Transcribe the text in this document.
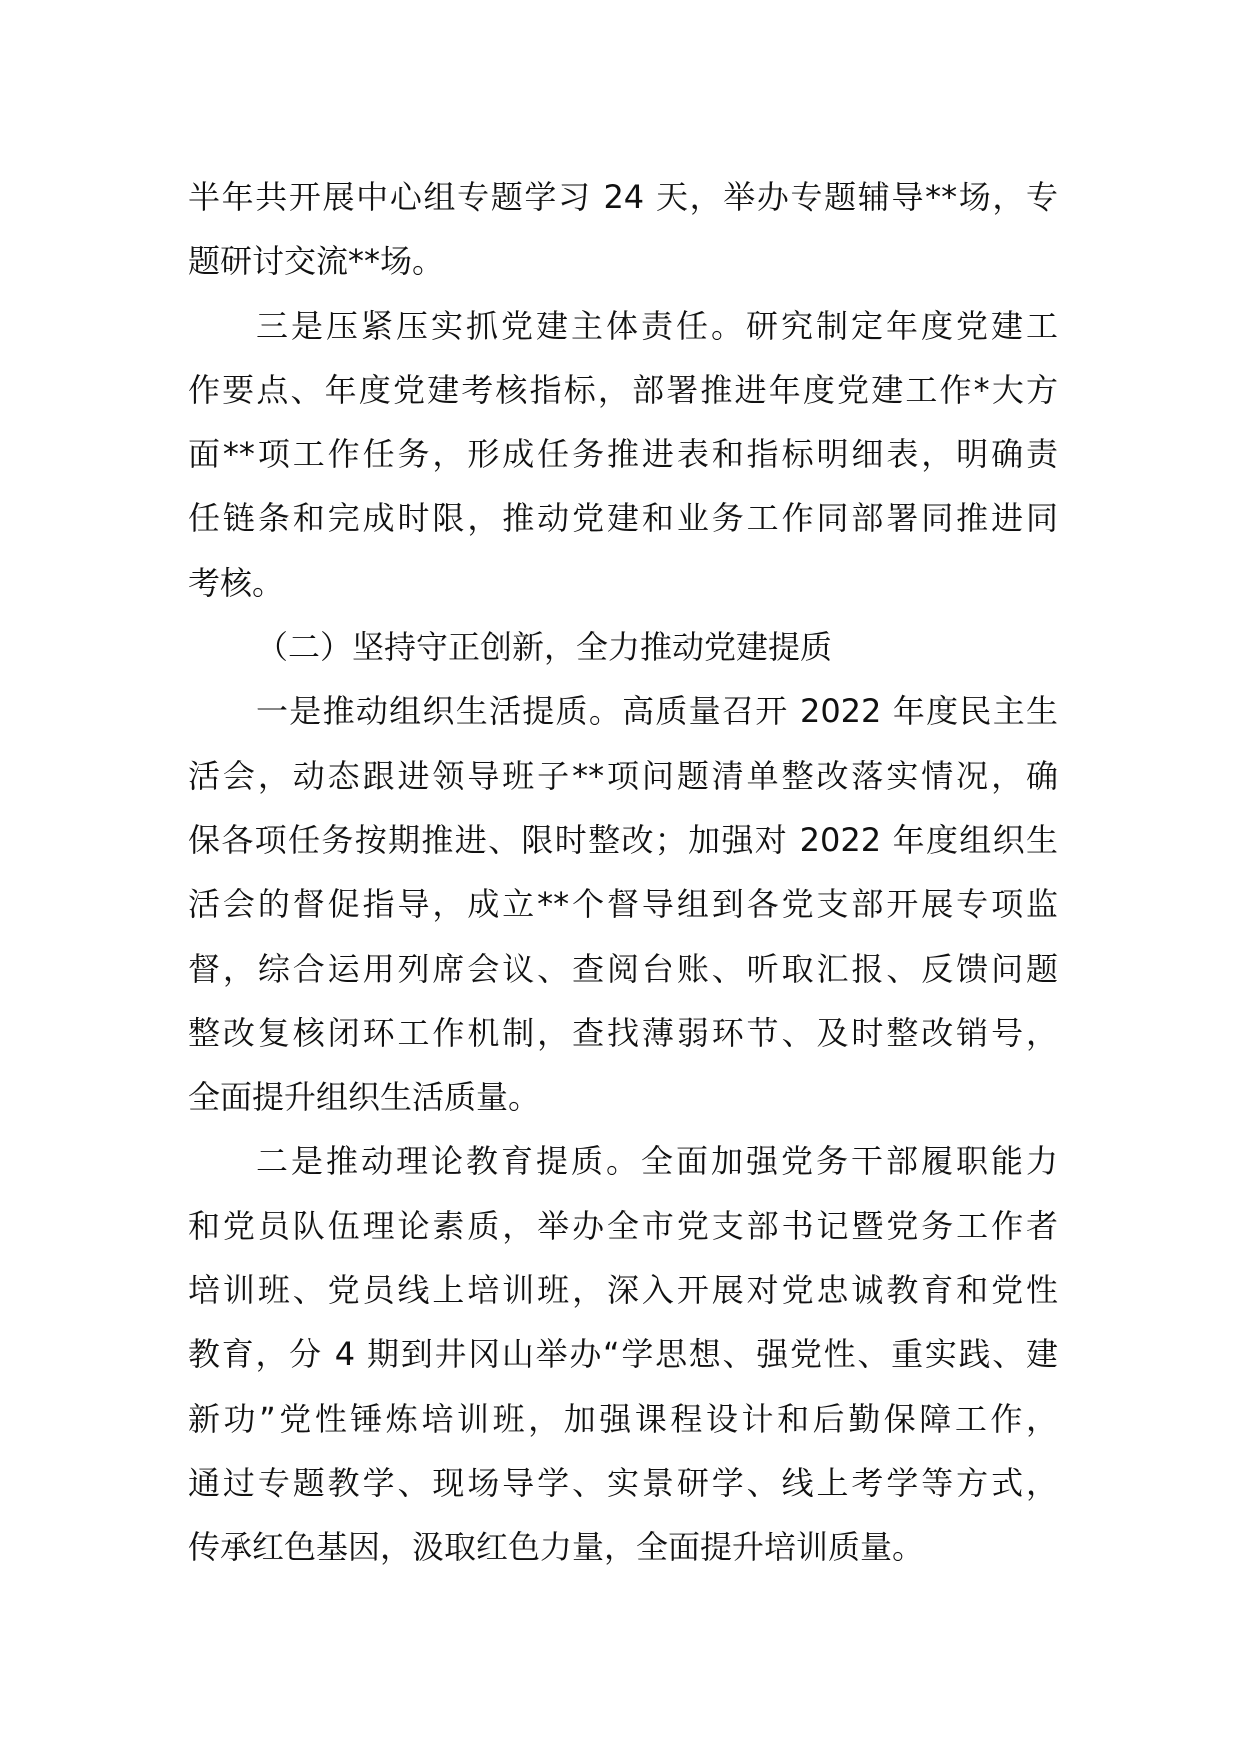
半年共开展中心组专题学习 24 天，举办专题辅导**场，专
题研讨交流**场。
三是压紧压实抓党建主体责任。研究制定年度党建工
作要点、年度党建考核指标，部署推进年度党建工作*大方
面**项工作任务，形成任务推进表和指标明细表，明确责
任链条和完成时限，推动党建和业务工作同部署同推进同
考核。
（二）坚持守正创新，全力推动党建提质
一是推动组织生活提质。高质量召开 2022 年度民主生
活会，动态跟进领导班子**项问题清单整改落实情况，确
保各项任务按期推进、限时整改；加强对 2022 年度组织生
活会的督促指导，成立**个督导组到各党支部开展专项监
督，综合运用列席会议、查阅台账、听取汇报、反馈问题
整改复核闭环工作机制，查找薄弱环节、及时整改销号，
全面提升组织生活质量。
二是推动理论教育提质。全面加强党务干部履职能力
和党员队伍理论素质，举办全市党支部书记暨党务工作者
培训班、党员线上培训班，深入开展对党忠诚教育和党性
教育，分 4 期到井冈山举办“学思想、强党性、重实践、建
新功”党性锤炼培训班，加强课程设计和后勤保障工作，
通过专题教学、现场导学、实景研学、线上考学等方式，
传承红色基因，汲取红色力量，全面提升培训质量。
